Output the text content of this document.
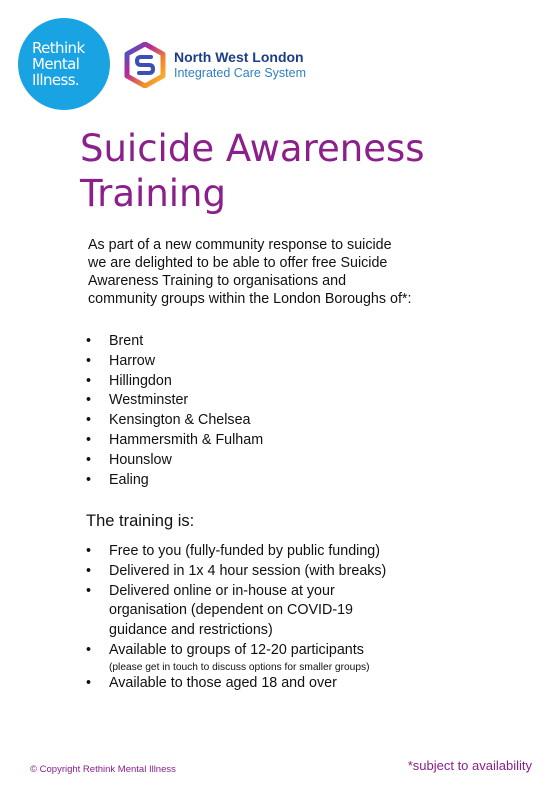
Rethink
Mental
Illness.
North West London
Integrated Care System
Suicide Awareness
Training
As part of a new community response to suicide
we are delighted to be able to offer free Suicide
Awareness Training to organisations and
community groups within the London Boroughs of*:
• Brent
• Harrow
• Hillingdon
• Westminster
• Kensington & Chelsea
• Hammersmith & Fulham
• Hounslow
• Ealing
The training is:
• Free to you (fully-funded by public funding)
• Delivered in 1x 4 hour session (with breaks)
• Delivered online or in-house at your
organisation (dependent on COVID-19
guidance and restrictions)
• Available to groups of 12-20 participants
(please get in touch to discuss options for smaller groups)
• Available to those aged 18 and over
© Copyright Rethink Mental Illness	*subject to availability
